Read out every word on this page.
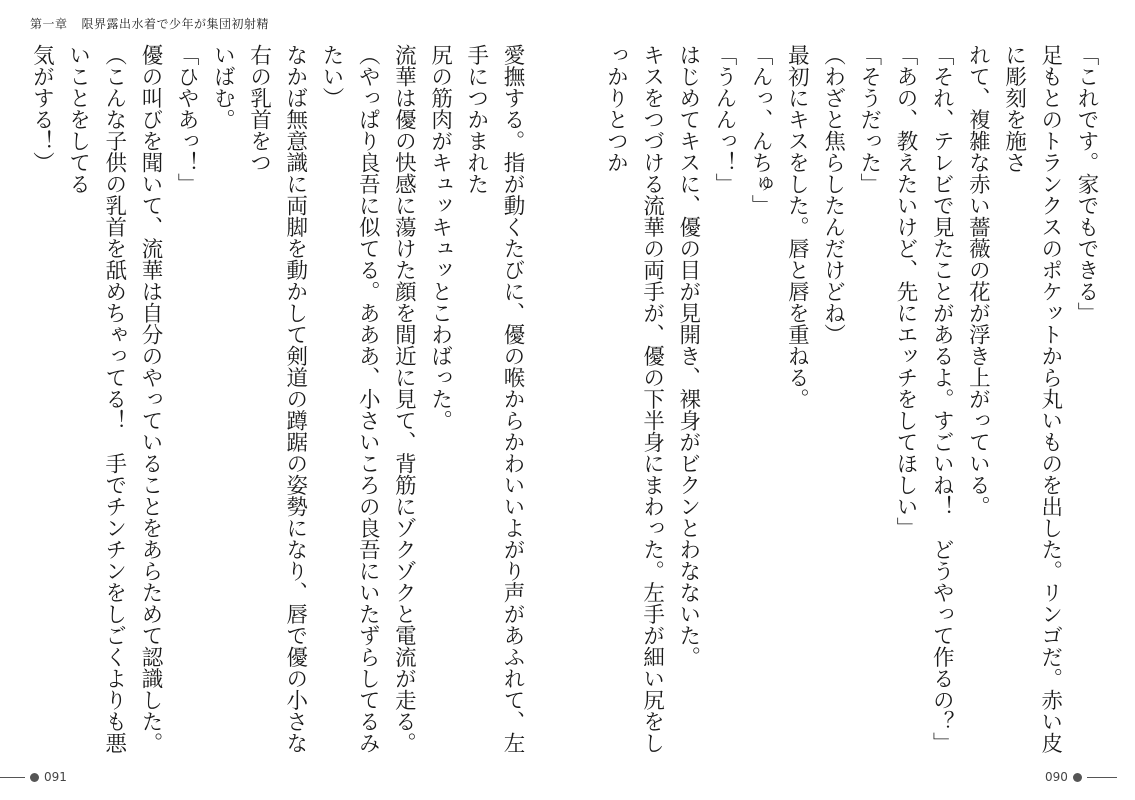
第一章 限界露出水着で少年が集団初射精

「これです。家でもできる」

足もとのトランクスのポケットから丸いものを出した。リンゴだ。赤い皮に彫刻を施さ

れて、複雑な赤い薔薇の花が浮き上がっている。

「それ、テレビで見たことがあるよ。すごいね！　どうやって作るの？」

「あの、教えたいけど、先にエッチをしてほしい」

「そうだった」

（わざと焦らしたんだけどね）

最初にキスをした。唇と唇を重ねる。

「んっ、んちゅ」

「うんんっ！」

はじめてキスに、優の目が見開き、裸身がビクンとわなないた。

キスをつづける流華の両手が、優の下半身にまわった。左手が細い尻をしっかりとつか

愛撫する。指が動くたびに、優の喉からかわいいよがり声があふれて、左手につかまれた

尻の筋肉がキュッキュッとこわばった。

流華は優の快感に蕩けた顔を間近に見て、背筋にゾクゾクと電流が走る。

（やっぱり良吾に似てる。あああ、小さいころの良吾にいたずらしてるみたい）

なかば無意識に両脚を動かして剣道の蹲踞の姿勢になり、唇で優の小さな右の乳首をつ

いばむ。

「ひやあっ！」

優の叫びを聞いて、流華は自分のやっていることをあらためて認識した。

（こんな子供の乳首を舐めちゃってる！　手でチンチンをしごくよりも悪いことをしてる

気がする！）

091	090
